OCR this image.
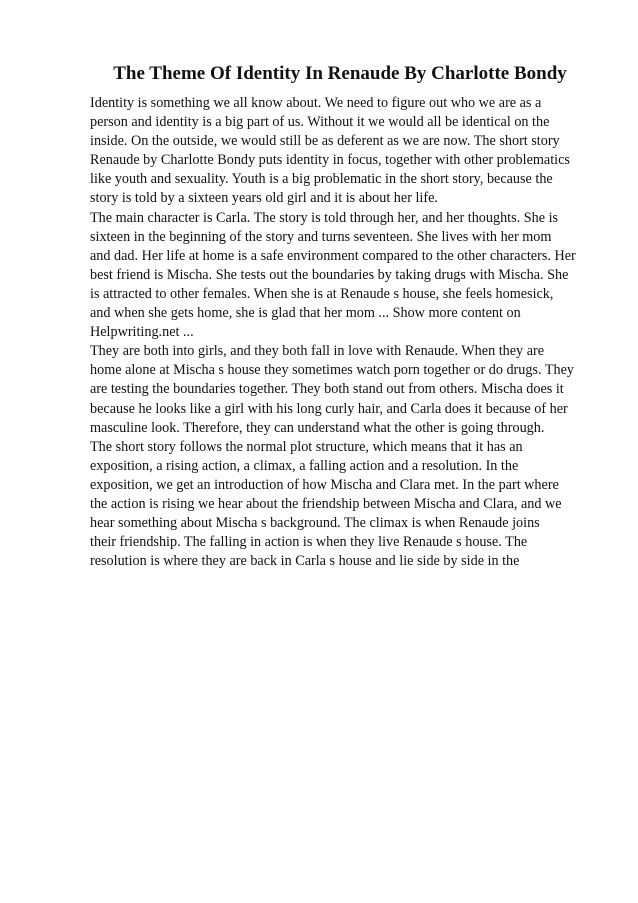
The Theme Of Identity In Renaude By Charlotte Bondy
Identity is something we all know about. We need to figure out who we are as a
person and identity is a big part of us. Without it we would all be identical on the
inside. On the outside, we would still be as deferent as we are now. The short story
Renaude by Charlotte Bondy puts identity in focus, together with other problematics
like youth and sexuality. Youth is a big problematic in the short story, because the
story is told by a sixteen years old girl and it is about her life.
The main character is Carla. The story is told through her, and her thoughts. She is
sixteen in the beginning of the story and turns seventeen. She lives with her mom
and dad. Her life at home is a safe environment compared to the other characters. Her
best friend is Mischa. She tests out the boundaries by taking drugs with Mischa. She
is attracted to other females. When she is at Renaude s house, she feels homesick,
and when she gets home, she is glad that her mom ... Show more content on
Helpwriting.net ...
They are both into girls, and they both fall in love with Renaude. When they are
home alone at Mischa s house they sometimes watch porn together or do drugs. They
are testing the boundaries together. They both stand out from others. Mischa does it
because he looks like a girl with his long curly hair, and Carla does it because of her
masculine look. Therefore, they can understand what the other is going through.
The short story follows the normal plot structure, which means that it has an
exposition, a rising action, a climax, a falling action and a resolution. In the
exposition, we get an introduction of how Mischa and Clara met. In the part where
the action is rising we hear about the friendship between Mischa and Clara, and we
hear something about Mischa s background. The climax is when Renaude joins
their friendship. The falling in action is when they live Renaude s house. The
resolution is where they are back in Carla s house and lie side by side in the
